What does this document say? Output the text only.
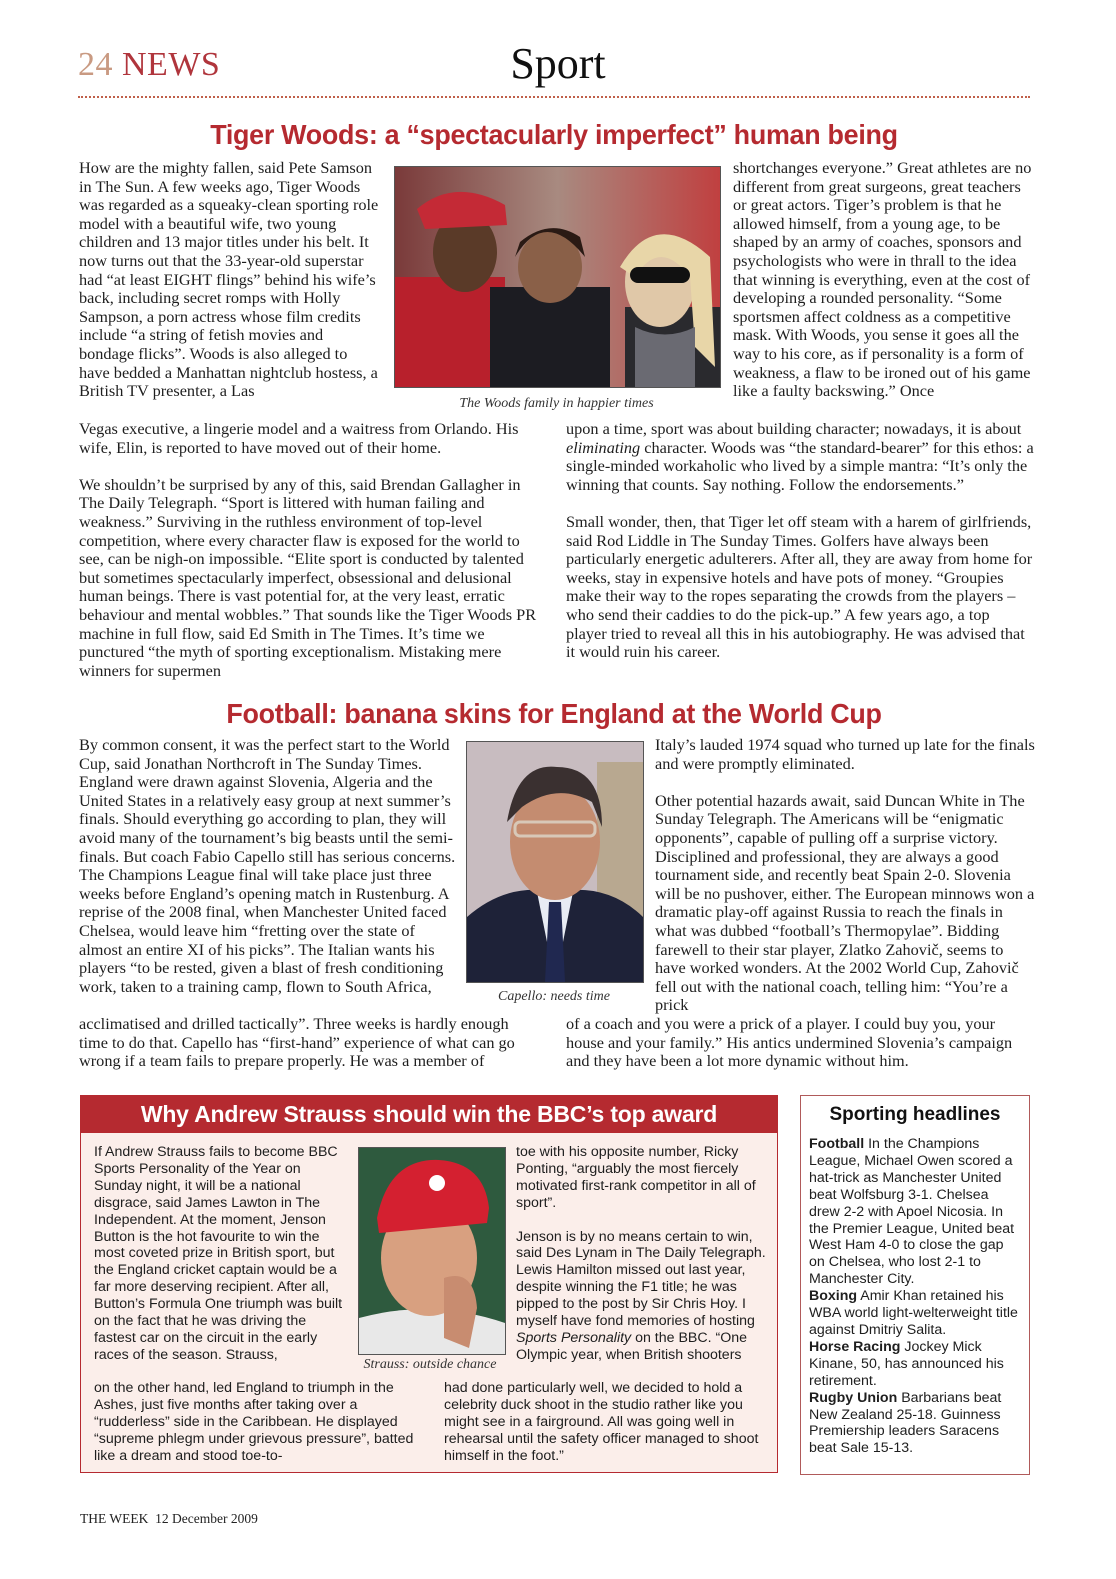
24 NEWS	Sport
Tiger Woods: a “spectacularly imperfect” human being

How are the mighty fallen, said Pete Samson in The Sun. A few weeks ago, Tiger Woods was regarded as a squeaky-clean sporting role model with a beautiful wife, two young children and 13 major titles under his belt. It now turns out that the 33-year-old superstar had “at least EIGHT flings” behind his wife’s back, including secret romps with Holly Sampson, a porn actress whose film credits include “a string of fetish movies and bondage flicks”. Woods is also alleged to have bedded a Manhattan nightclub hostess, a British TV presenter, a Las

The Woods family in happier times

shortchanges everyone.” Great athletes are no different from great surgeons, great teachers or great actors. Tiger’s problem is that he allowed himself, from a young age, to be shaped by an army of coaches, sponsors and psychologists who were in thrall to the idea that winning is everything, even at the cost of developing a rounded personality. “Some sportsmen affect coldness as a competitive mask. With Woods, you sense it goes all the way to his core, as if personality is a form of weakness, a flaw to be ironed out of his game like a faulty backswing.” Once

Vegas executive, a lingerie model and a waitress from Orlando. His wife, Elin, is reported to have moved out of their home.

We shouldn’t be surprised by any of this, said Brendan Gallagher in The Daily Telegraph. “Sport is littered with human failing and weakness.” Surviving in the ruthless environment of top-level competition, where every character flaw is exposed for the world to see, can be nigh-on impossible. “Elite sport is conducted by talented but sometimes spectacularly imperfect, obsessional and delusional human beings. There is vast potential for, at the very least, erratic behaviour and mental wobbles.” That sounds like the Tiger Woods PR machine in full flow, said Ed Smith in The Times. It’s time we punctured “the myth of sporting exceptionalism. Mistaking mere winners for supermen

upon a time, sport was about building character; nowadays, it is about eliminating character. Woods was “the standard-bearer” for this ethos: a single-minded workaholic who lived by a simple mantra: “It’s only the winning that counts. Say nothing. Follow the endorsements.”

Small wonder, then, that Tiger let off steam with a harem of girlfriends, said Rod Liddle in The Sunday Times. Golfers have always been particularly energetic adulterers. After all, they are away from home for weeks, stay in expensive hotels and have pots of money. “Groupies make their way to the ropes separating the crowds from the players – who send their caddies to do the pick-up.” A few years ago, a top player tried to reveal all this in his autobiography. He was advised that it would ruin his career.

Football: banana skins for England at the World Cup

By common consent, it was the perfect start to the World Cup, said Jonathan Northcroft in The Sunday Times. England were drawn against Slovenia, Algeria and the United States in a relatively easy group at next summer’s finals. Should everything go according to plan, they will avoid many of the tournament’s big beasts until the semi-finals. But coach Fabio Capello still has serious concerns. The Champions League final will take place just three weeks before England’s opening match in Rustenburg. A reprise of the 2008 final, when Manchester United faced Chelsea, would leave him “fretting over the state of almost an entire XI of his picks”. The Italian wants his players “to be rested, given a blast of fresh conditioning work, taken to a training camp, flown to South Africa,

Capello: needs time

Italy’s lauded 1974 squad who turned up late for the finals and were promptly eliminated.

Other potential hazards await, said Duncan White in The Sunday Telegraph. The Americans will be “enigmatic opponents”, capable of pulling off a surprise victory. Disciplined and professional, they are always a good tournament side, and recently beat Spain 2-0. Slovenia will be no pushover, either. The European minnows won a dramatic play-off against Russia to reach the finals in what was dubbed “football’s Thermopylae”. Bidding farewell to their star player, Zlatko Zahovič, seems to have worked wonders. At the 2002 World Cup, Zahovič fell out with the national coach, telling him: “You’re a prick

acclimatised and drilled tactically”. Three weeks is hardly enough time to do that. Capello has “first-hand” experience of what can go wrong if a team fails to prepare properly. He was a member of

of a coach and you were a prick of a player. I could buy you, your house and your family.” His antics undermined Slovenia’s campaign and they have been a lot more dynamic without him.

Why Andrew Strauss should win the BBC’s top award

If Andrew Strauss fails to become BBC Sports Personality of the Year on Sunday night, it will be a national disgrace, said James Lawton in The Independent. At the moment, Jenson Button is the hot favourite to win the most coveted prize in British sport, but the England cricket captain would be a far more deserving recipient. After all, Button’s Formula One triumph was built on the fact that he was driving the fastest car on the circuit in the early races of the season. Strauss,

Strauss: outside chance

toe with his opposite number, Ricky Ponting, “arguably the most fiercely motivated first-rank competitor in all of sport”.

Jenson is by no means certain to win, said Des Lynam in The Daily Telegraph. Lewis Hamilton missed out last year, despite winning the F1 title; he was pipped to the post by Sir Chris Hoy. I myself have fond memories of hosting Sports Personality on the BBC. “One Olympic year, when British shooters

on the other hand, led England to triumph in the Ashes, just five months after taking over a “rudderless” side in the Caribbean. He displayed “supreme phlegm under grievous pressure”, batted like a dream and stood toe-to-

had done particularly well, we decided to hold a celebrity duck shoot in the studio rather like you might see in a fairground. All was going well in rehearsal until the safety officer managed to shoot himself in the foot.”

Sporting headlines

Football In the Champions League, Michael Owen scored a hat-trick as Manchester United beat Wolfsburg 3-1. Chelsea drew 2-2 with Apoel Nicosia. In the Premier League, United beat West Ham 4-0 to close the gap on Chelsea, who lost 2-1 to Manchester City.

Boxing Amir Khan retained his WBA world light-welterweight title against Dmitriy Salita.

Horse Racing Jockey Mick Kinane, 50, has announced his retirement.

Rugby Union Barbarians beat New Zealand 25-18. Guinness Premiership leaders Saracens beat Sale 15-13.

THE WEEK 12 December 2009
